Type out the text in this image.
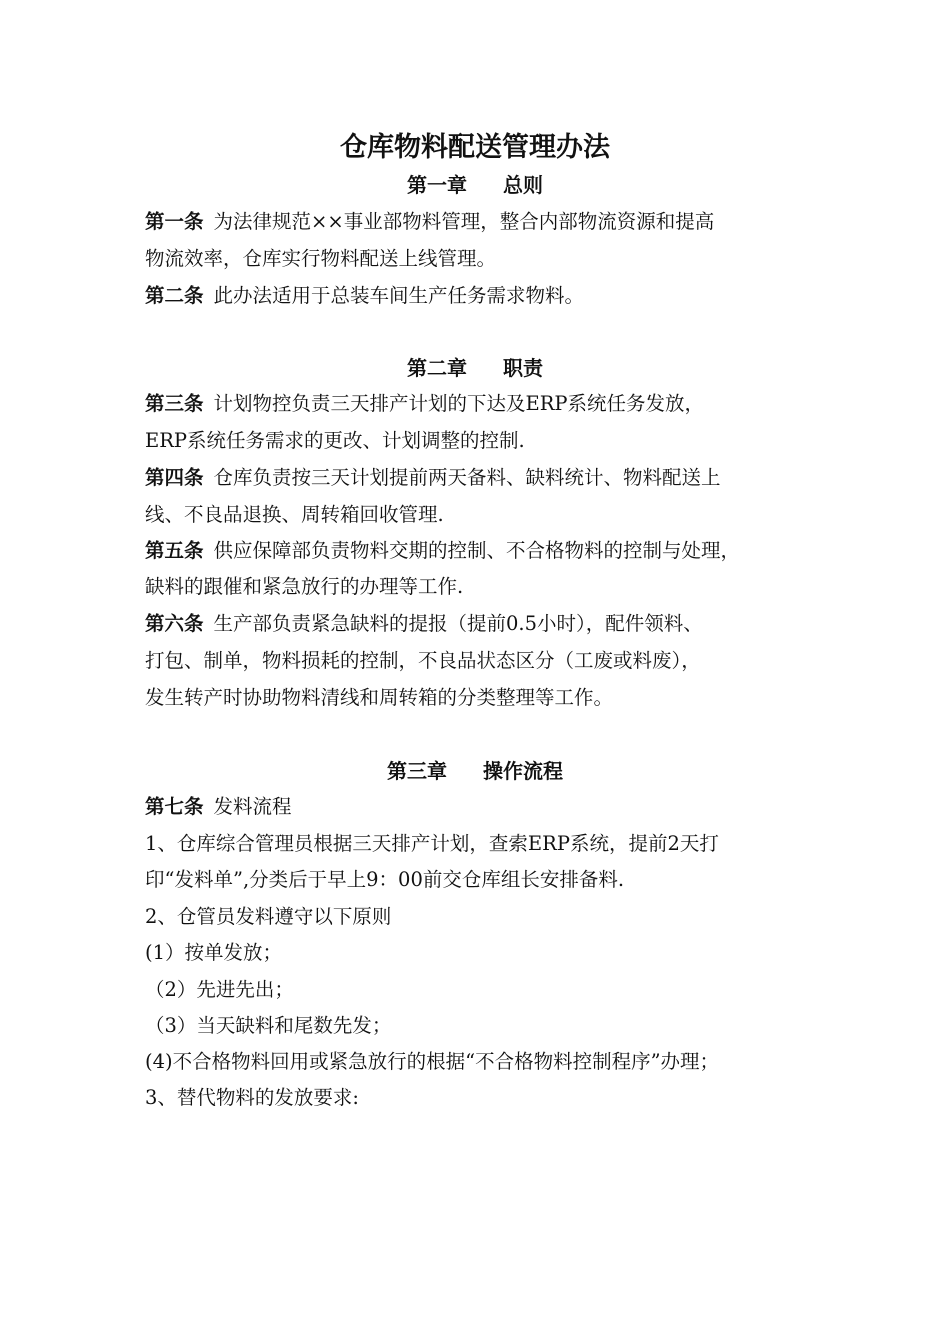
仓库物料配送管理办法
第一章 总则
第一条 为法律规范××事业部物料管理，整合内部物流资源和提高
物流效率，仓库实行物料配送上线管理。
第二条 此办法适用于总装车间生产任务需求物料。
第二章 职责
第三条 计划物控负责三天排产计划的下达及ERP系统任务发放，
ERP系统任务需求的更改、计划调整的控制.
第四条 仓库负责按三天计划提前两天备料、缺料统计、物料配送上
线、不良品退换、周转箱回收管理.
第五条 供应保障部负责物料交期的控制、不合格物料的控制与处理，
缺料的跟催和紧急放行的办理等工作.
第六条 生产部负责紧急缺料的提报（提前0.5小时），配件领料、
打包、制单，物料损耗的控制，不良品状态区分（工废或料废），
发生转产时协助物料清线和周转箱的分类整理等工作。
第三章 操作流程
第七条 发料流程
1、仓库综合管理员根据三天排产计划，查索ERP系统，提前2天打
印“发料单”,分类后于早上9：00前交仓库组长安排备料.
2、仓管员发料遵守以下原则
(1）按单发放；
（2）先进先出；
（3）当天缺料和尾数先发；
(4)不合格物料回用或紧急放行的根据“不合格物料控制程序”办理；
3、替代物料的发放要求:
